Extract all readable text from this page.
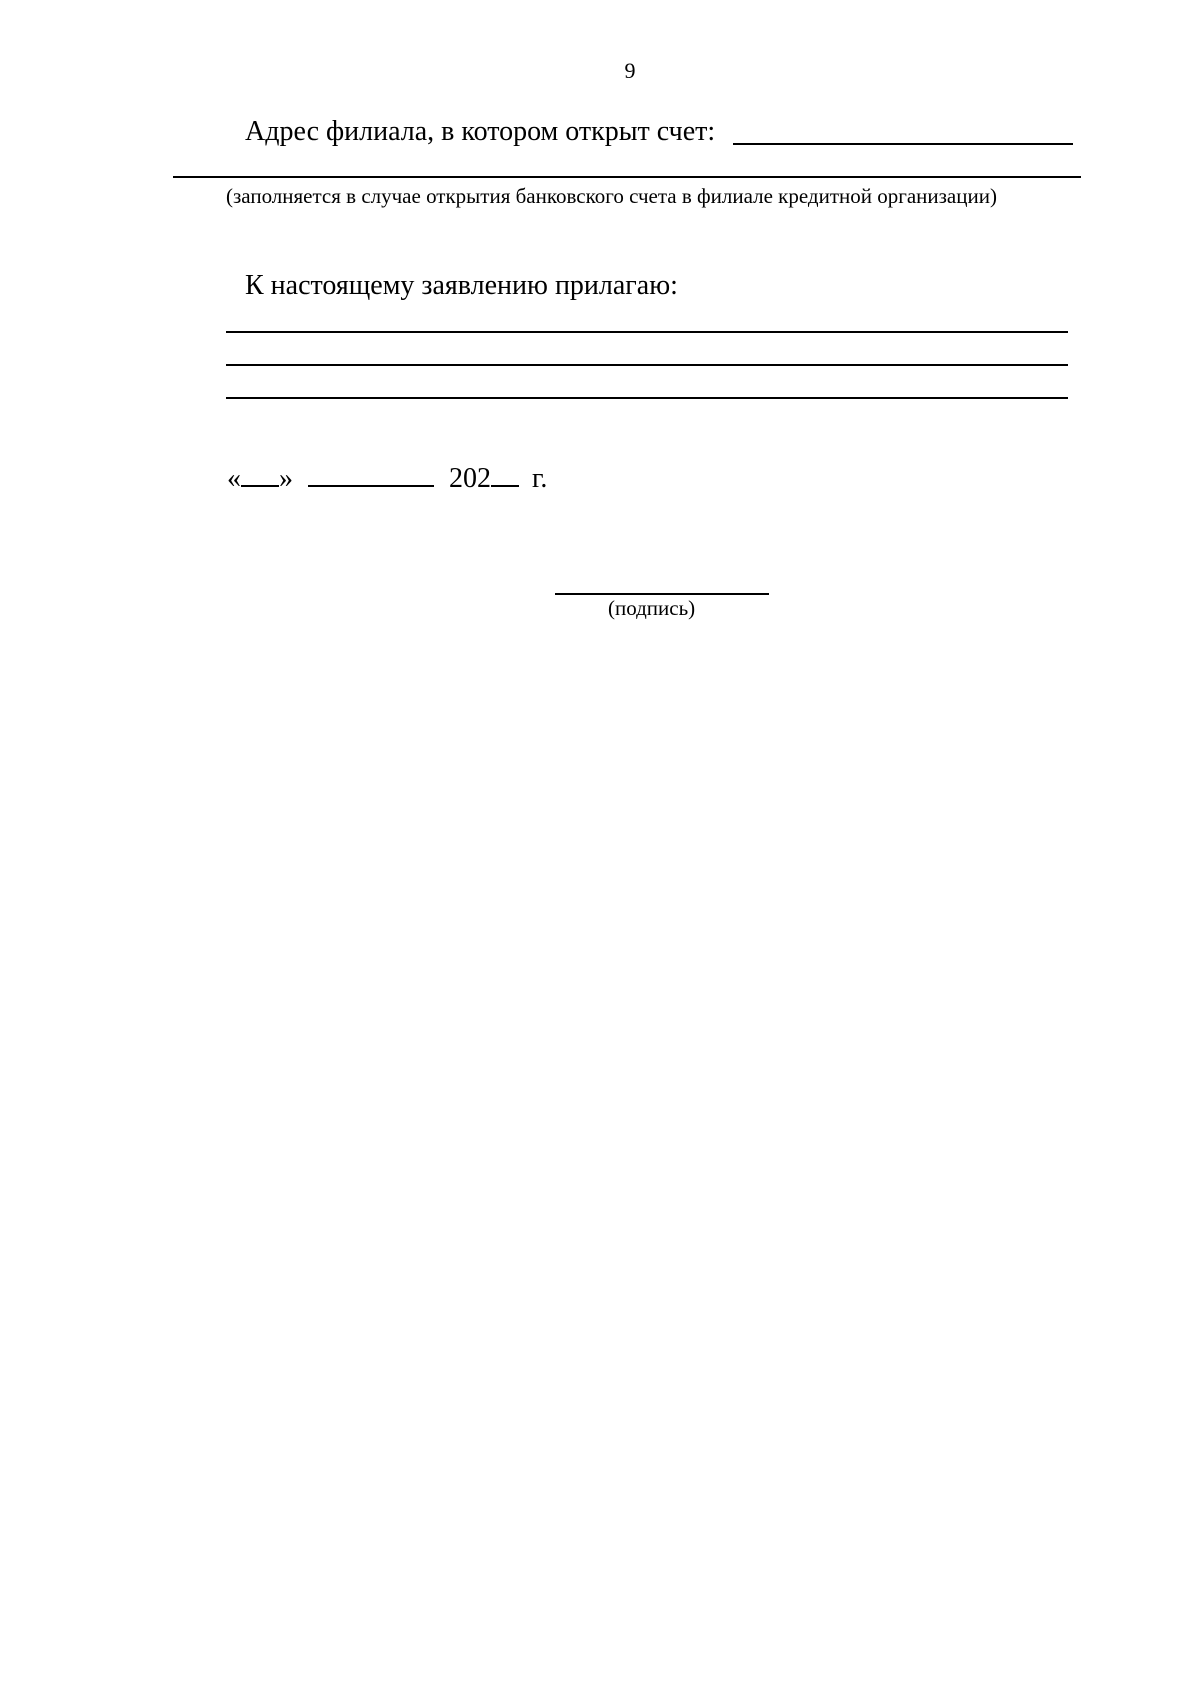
9
Адрес филиала, в котором открыт счет:
(заполняется в случае открытия банковского счета в филиале кредитной организации)
К настоящему заявлению прилагаю:
« »	202 г.
(подпись)
